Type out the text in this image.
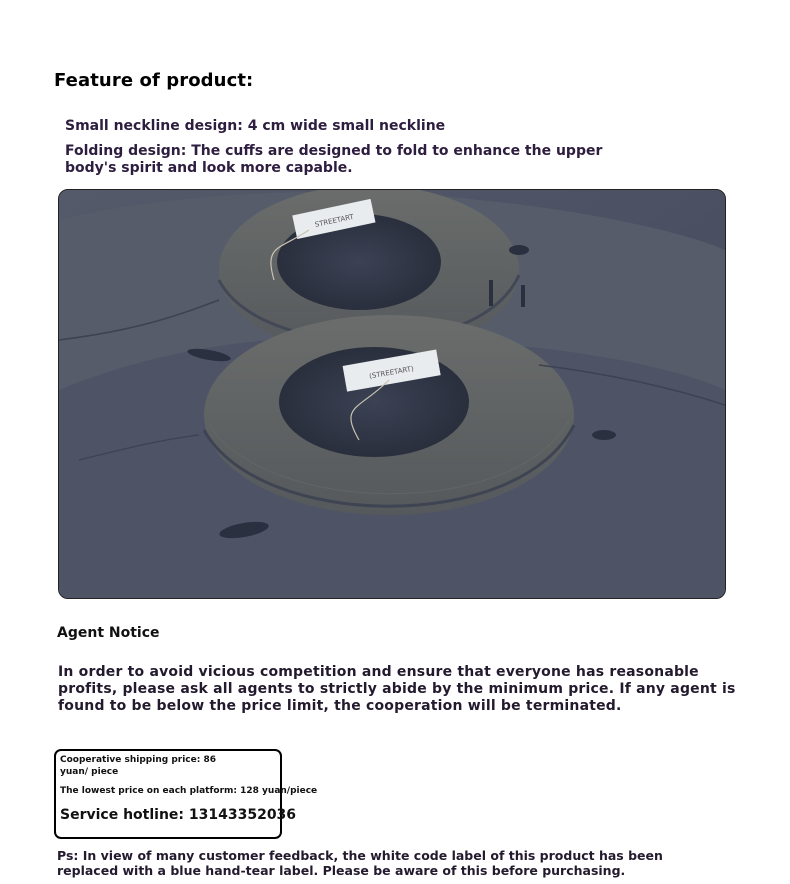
Feature of product:
Small neckline design: 4 cm wide small neckline
Folding design: The cuffs are designed to fold to enhance the upper body's spirit and look more capable.
STREETART
(STREETART)
Agent Notice
In order to avoid vicious competition and ensure that everyone has reasonable profits, please ask all agents to strictly abide by the minimum price. If any agent is found to be below the price limit, the cooperation will be terminated.
Cooperative shipping price: 86 yuan/ piece
The lowest price on each platform: 128 yuan/piece
Service hotline: 13143352036
Ps: In view of many customer feedback, the white code label of this product has been replaced with a blue hand-tear label. Please be aware of this before purchasing.
